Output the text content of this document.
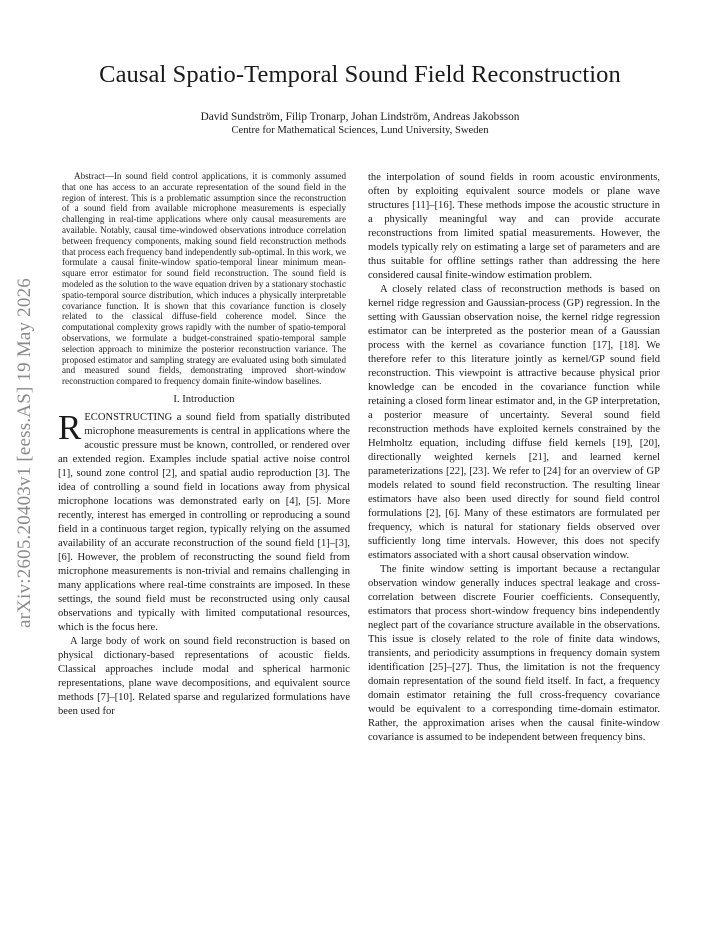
arXiv:2605.20403v1 [eess.AS] 19 May 2026
Causal Spatio-Temporal Sound Field Reconstruction
David Sundström, Filip Tronarp, Johan Lindström, Andreas Jakobsson
Centre for Mathematical Sciences, Lund University, Sweden

Abstract—In sound field control applications, it is commonly assumed that one has access to an accurate representation of the sound field in the region of interest. This is a problematic assumption since the reconstruction of a sound field from available microphone measurements is especially challenging in real-time applications where only causal measurements are available. Notably, causal time-windowed observations introduce correlation between frequency components, making sound field reconstruction methods that process each frequency band independently sub-optimal. In this work, we formulate a causal finite-window spatio-temporal linear minimum mean-square error estimator for sound field reconstruction. The sound field is modeled as the solution to the wave equation driven by a stationary stochastic spatio-temporal source distribution, which induces a physically interpretable covariance function. It is shown that this covariance function is closely related to the classical diffuse-field coherence model. Since the computational complexity grows rapidly with the number of spatio-temporal observations, we formulate a budget-constrained spatio-temporal sample selection approach to minimize the posterior reconstruction variance. The proposed estimator and sampling strategy are evaluated using both simulated and measured sound fields, demonstrating improved short-window reconstruction compared to frequency domain finite-window baselines.

I. Introduction

RECONSTRUCTING a sound field from spatially distributed microphone measurements is central in applications where the acoustic pressure must be known, controlled, or rendered over an extended region. Examples include spatial active noise control [1], sound zone control [2], and spatial audio reproduction [3]. The idea of controlling a sound field in locations away from physical microphone locations was demonstrated early on [4], [5]. More recently, interest has emerged in controlling or reproducing a sound field in a continuous target region, typically relying on the assumed availability of an accurate reconstruction of the sound field [1]–[3], [6]. However, the problem of reconstructing the sound field from microphone measurements is non-trivial and remains challenging in many applications where real-time constraints are imposed. In these settings, the sound field must be reconstructed using only causal observations and typically with limited computational resources, which is the focus here.

A large body of work on sound field reconstruction is based on physical dictionary-based representations of acoustic fields. Classical approaches include modal and spherical harmonic representations, plane wave decompositions, and equivalent source methods [7]–[10]. Related sparse and regularized formulations have been used for

the interpolation of sound fields in room acoustic environments, often by exploiting equivalent source models or plane wave structures [11]–[16]. These methods impose the acoustic structure in a physically meaningful way and can provide accurate reconstructions from limited spatial measurements. However, the models typically rely on estimating a large set of parameters and are thus suitable for offline settings rather than addressing the here considered causal finite-window estimation problem.

A closely related class of reconstruction methods is based on kernel ridge regression and Gaussian-process (GP) regression. In the setting with Gaussian observation noise, the kernel ridge regression estimator can be interpreted as the posterior mean of a Gaussian process with the kernel as covariance function [17], [18]. We therefore refer to this literature jointly as kernel/GP sound field reconstruction. This viewpoint is attractive because physical prior knowledge can be encoded in the covariance function while retaining a closed form linear estimator and, in the GP interpretation, a posterior measure of uncertainty. Several sound field reconstruction methods have exploited kernels constrained by the Helmholtz equation, including diffuse field kernels [19], [20], directionally weighted kernels [21], and learned kernel parameterizations [22], [23]. We refer to [24] for an overview of GP models related to sound field reconstruction. The resulting linear estimators have also been used directly for sound field control formulations [2], [6]. Many of these estimators are formulated per frequency, which is natural for stationary fields observed over sufficiently long time intervals. However, this does not specify estimators associated with a short causal observation window.

The finite window setting is important because a rectangular observation window generally induces spectral leakage and cross-correlation between discrete Fourier coefficients. Consequently, estimators that process short-window frequency bins independently neglect part of the covariance structure available in the observations. This issue is closely related to the role of finite data windows, transients, and periodicity assumptions in frequency domain system identification [25]–[27]. Thus, the limitation is not the frequency domain representation of the sound field itself. In fact, a frequency domain estimator retaining the full cross-frequency covariance would be equivalent to a corresponding time-domain estimator. Rather, the approximation arises when the causal finite-window covariance is assumed to be independent between frequency bins.
